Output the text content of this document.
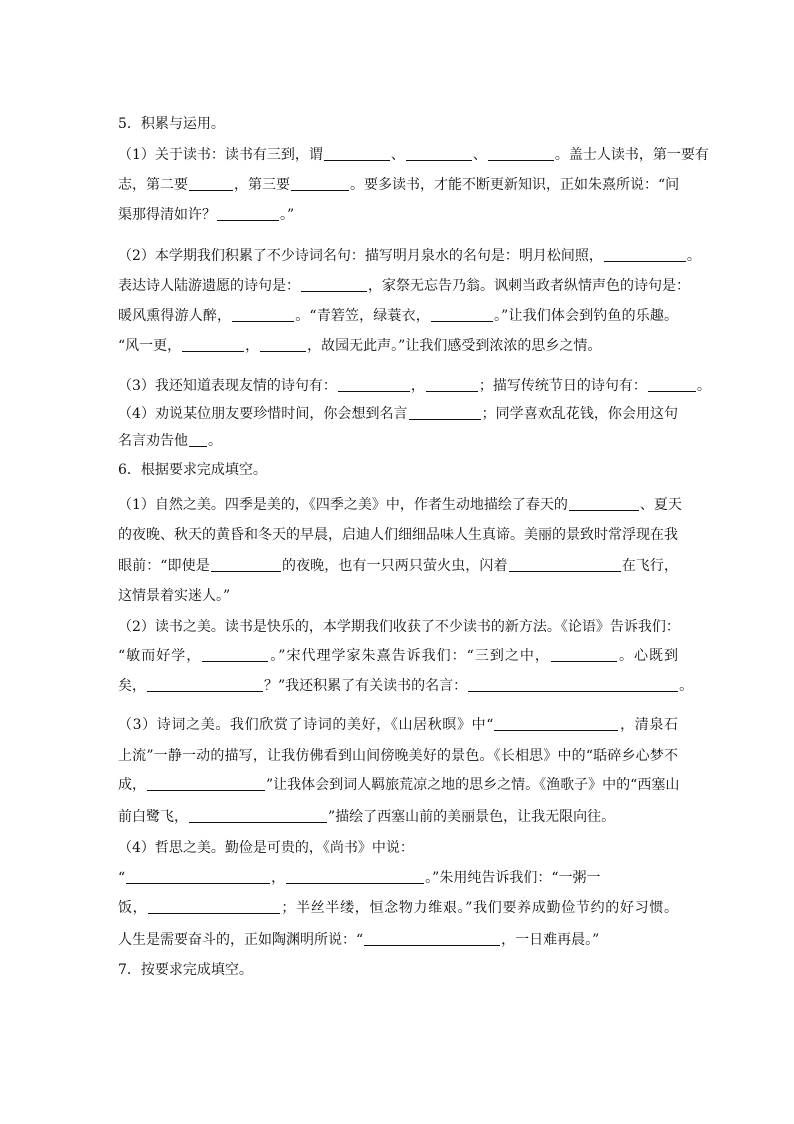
5．积累与运用。
（1）关于读书：读书有三到，谓	、	、	。盖士人读书，第一要有
志，第二要	，第三要	。要多读书，才能不断更新知识，正如朱熹所说：“问
渠那得清如许？	。”
（2）本学期我们积累了不少诗词名句：描写明月泉水的名句是：明月松间照，	。
表达诗人陆游遗愿的诗句是：	，家祭无忘告乃翁。讽刺当政者纵情声色的诗句是：
暖风熏得游人醉，	。“青箬笠，绿蓑衣，	。”让我们体会到钓鱼的乐趣。
“风一更，	，	，故园无此声。”让我们感受到浓浓的思乡之情。
（3）我还知道表现友情的诗句有：	，	；描写传统节日的诗句有：	。
（4）劝说某位朋友要珍惜时间，你会想到名言	；同学喜欢乱花钱，你会用这句
名言劝告他 。
6．根据要求完成填空。
（1）自然之美。四季是美的，《四季之美》中，作者生动地描绘了春天的	、夏天
的夜晚、秋天的黄昏和冬天的早晨，启迪人们细细品味人生真谛。美丽的景致时常浮现在我
眼前：“即使是	的夜晚，也有一只两只萤火虫，闪着	在飞行，
这情景着实迷人。”
（2）读书之美。读书是快乐的，本学期我们收获了不少读书的新方法。《论语》告诉我们：
“敏而好学，	。”宋代理学家朱熹告诉我们：“三到之中，	。心既到
矣，	？”我还积累了有关读书的名言：	。
（3）诗词之美。我们欣赏了诗词的美好，《山居秋暝》中“	，清泉石
上流”一静一动的描写，让我仿佛看到山间傍晚美好的景色。《长相思》中的“聒碎乡心梦不
成，	”让我体会到词人羁旅荒凉之地的思乡之情。《渔歌子》中的“西塞山
前白鹭飞，	”描绘了西塞山前的美丽景色，让我无限向往。
（4）哲思之美。勤俭是可贵的，《尚书》中说：
“	，	。”朱用纯告诉我们：“一粥一
饭，	；半丝半缕，恒念物力维艰。”我们要养成勤俭节约的好习惯。
人生是需要奋斗的，正如陶渊明所说：“	，一日难再晨。”
7．按要求完成填空。
